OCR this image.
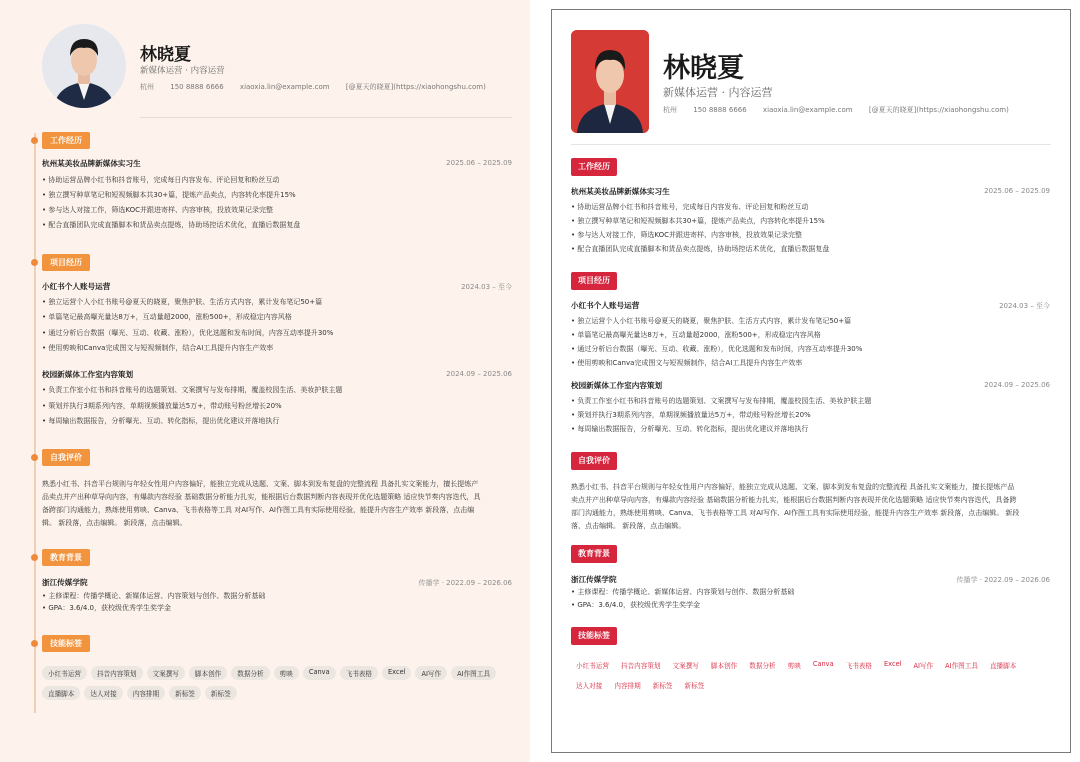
林晓夏
新媒体运营 · 内容运营
杭州 150 8888 6666 xiaoxia.lin@example.com [@夏天的晓夏](https://xiaohongshu.com)
工作经历
杭州某美妆品牌新媒体实习生	2025.06 – 2025.09
• 协助运营品牌小红书和抖音账号，完成每日内容发布、评论回复和粉丝互动
• 独立撰写种草笔记和短视频脚本共30+篇，提炼产品卖点，内容转化率提升15%
• 参与达人对接工作，筛选KOC并跟进寄样、内容审核，投放效果记录完整
• 配合直播团队完成直播脚本和货品卖点提炼，协助场控话术优化，直播后数据复盘
项目经历
小红书个人账号运营	2024.03 – 至今
• 独立运营个人小红书账号@夏天的晓夏，聚焦护肤、生活方式内容，累计发布笔记50+篇
• 单篇笔记最高曝光量达8万+，互动量超2000，涨粉500+，形成稳定内容风格
• 通过分析后台数据（曝光、互动、收藏、涨粉），优化选题和发布时间，内容互动率提升30%
• 使用剪映和Canva完成图文与短视频制作，结合AI工具提升内容生产效率
校园新媒体工作室内容策划	2024.09 – 2025.06
• 负责工作室小红书和抖音账号的选题策划、文案撰写与发布排期，覆盖校园生活、美妆护肤主题
• 策划并执行3期系列内容，单期视频播放量达5万+，带动账号粉丝增长20%
• 每周输出数据报告，分析曝光、互动、转化指标，提出优化建议并落地执行
自我评价
熟悉小红书、抖音平台规则与年轻女性用户内容偏好，能独立完成从选题、文案、脚本到发布复盘的完整流程 具备扎实文案能力，擅长提炼产
品卖点并产出种草导向内容，有爆款内容经验 基础数据分析能力扎实，能根据后台数据判断内容表现并优化选题策略 适应快节奏内容迭代，具
备跨部门沟通能力，熟练使用剪映、Canva、飞书表格等工具 对AI写作、AI作图工具有实际使用经验，能提升内容生产效率 新段落，点击编
辑。 新段落，点击编辑。 新段落，点击编辑。
教育背景
浙江传媒学院	传播学 · 2022.09 – 2026.06
• 主修课程：传播学概论、新媒体运营、内容策划与创作、数据分析基础
• GPA：3.6/4.0，获校级优秀学生奖学金
技能标签
小红书运营	抖音内容策划	文案撰写	脚本创作	数据分析	剪映	Canva	飞书表格	Excel	AI写作	AI作图工具
直播脚本	达人对接	内容排期	新标签	新标签
林晓夏
新媒体运营 · 内容运营
杭州 150 8888 6666 xiaoxia.lin@example.com [@夏天的晓夏](https://xiaohongshu.com)
工作经历
杭州某美妆品牌新媒体实习生	2025.06 – 2025.09
• 协助运营品牌小红书和抖音账号，完成每日内容发布、评论回复和粉丝互动
• 独立撰写种草笔记和短视频脚本共30+篇，提炼产品卖点，内容转化率提升15%
• 参与达人对接工作，筛选KOC并跟进寄样、内容审核，投放效果记录完整
• 配合直播团队完成直播脚本和货品卖点提炼，协助场控话术优化，直播后数据复盘
项目经历
小红书个人账号运营	2024.03 – 至今
• 独立运营个人小红书账号@夏天的晓夏，聚焦护肤、生活方式内容，累计发布笔记50+篇
• 单篇笔记最高曝光量达8万+，互动量超2000，涨粉500+，形成稳定内容风格
• 通过分析后台数据（曝光、互动、收藏、涨粉），优化选题和发布时间，内容互动率提升30%
• 使用剪映和Canva完成图文与短视频制作，结合AI工具提升内容生产效率
校园新媒体工作室内容策划	2024.09 – 2025.06
• 负责工作室小红书和抖音账号的选题策划、文案撰写与发布排期，覆盖校园生活、美妆护肤主题
• 策划并执行3期系列内容，单期视频播放量达5万+，带动账号粉丝增长20%
• 每周输出数据报告，分析曝光、互动、转化指标，提出优化建议并落地执行
自我评价
熟悉小红书、抖音平台规则与年轻女性用户内容偏好，能独立完成从选题、文案、脚本到发布复盘的完整流程 具备扎实文案能力，擅长提炼产品
卖点并产出种草导向内容，有爆款内容经验 基础数据分析能力扎实，能根据后台数据判断内容表现并优化选题策略 适应快节奏内容迭代，具备跨
部门沟通能力，熟练使用剪映、Canva、飞书表格等工具 对AI写作、AI作图工具有实际使用经验，能提升内容生产效率 新段落，点击编辑。 新段
落，点击编辑。 新段落，点击编辑。
教育背景
浙江传媒学院	传播学 · 2022.09 – 2026.06
• 主修课程：传播学概论、新媒体运营、内容策划与创作、数据分析基础
• GPA：3.6/4.0，获校级优秀学生奖学金
技能标签
小红书运营	抖音内容策划	文案撰写	脚本创作	数据分析	剪映	Canva	飞书表格	Excel	AI写作	AI作图工具	直播脚本
达人对接	内容排期	新标签	新标签
